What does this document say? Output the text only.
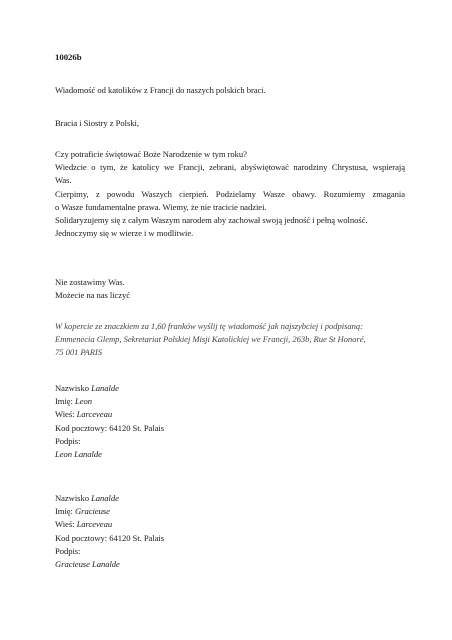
10026b
Wiadomość od katolików z Francji do naszych polskich braci.
Bracia i Siostry z Polski,
Czy potraficie świętować Boże Narodzenie w tym roku?
Wiedzcie o tym, że katolicy we Francji, zebrani, abyświętować narodziny Chrystusa, wspierają
Was.
Cierpimy, z powodu Waszych cierpień. Podzielamy Wasze obawy. Rozumiemy zmagania
o Wasze fundamentalne prawa. Wiemy, że nie tracicie nadziei.
Solidaryzujemy się z całym Waszym narodem aby zachował swoją jedność i pełną wolność.
Jednoczymy się w wierze i w modlitwie.
Nie zostawimy Was.
Możecie na nas liczyć
W kopercie ze znaczkiem za 1,60 franków wyślij tę wiadomość jak najszybciej i podpisaną:
Emmenecia Glemp, Sekretariat Polskiej Misji Katolickiej we Francji, 263b, Rue St Honoré,
75 001 PARIS
Nazwisko Lanalde
Imię: Leon
Wieś: Larceveau
Kod pocztowy: 64120 St. Palais
Podpis:
Leon Lanalde
Nazwisko Lanalde
Imię: Gracieuse
Wieś: Larceveau
Kod pocztowy: 64120 St. Palais
Podpis:
Gracieuse Lanalde
